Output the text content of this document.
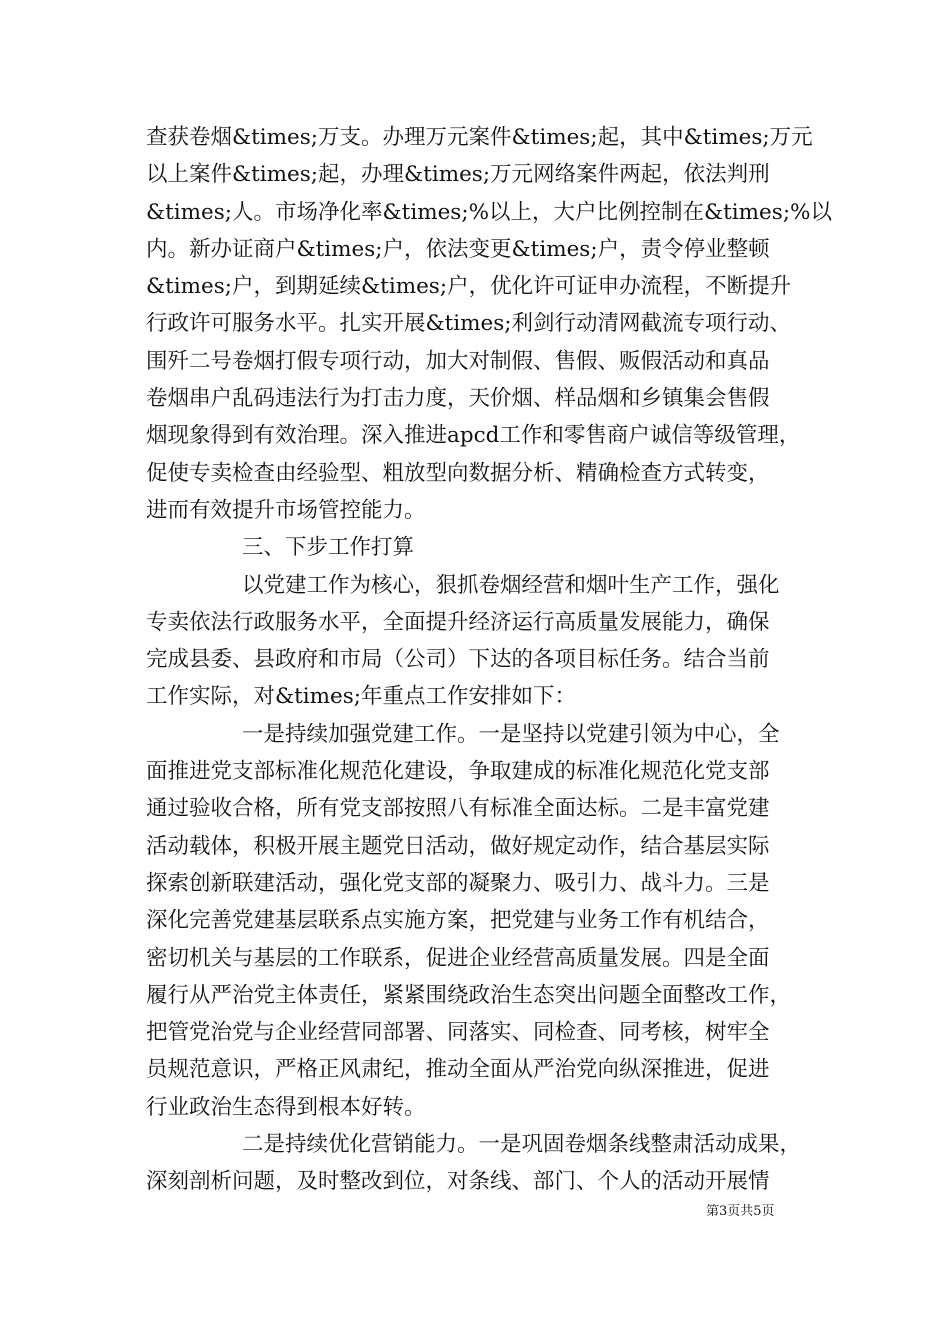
查获卷烟&times;万支。办理万元案件&times;起，其中&times;万元
以上案件&times;起，办理&times;万元网络案件两起，依法判刑
&times;人。市场净化率&times;%以上，大户比例控制在&times;%以
内。新办证商户&times;户，依法变更&times;户，责令停业整顿
&times;户，到期延续&times;户，优化许可证申办流程，不断提升
行政许可服务水平。扎实开展&times;利剑行动清网截流专项行动、
围歼二号卷烟打假专项行动，加大对制假、售假、贩假活动和真品
卷烟串户乱码违法行为打击力度，天价烟、样品烟和乡镇集会售假
烟现象得到有效治理。深入推进apcd工作和零售商户诚信等级管理，
促使专卖检查由经验型、粗放型向数据分析、精确检查方式转变，
进而有效提升市场管控能力。
三、下步工作打算
以党建工作为核心，狠抓卷烟经营和烟叶生产工作，强化
专卖依法行政服务水平，全面提升经济运行高质量发展能力，确保
完成县委、县政府和市局（公司）下达的各项目标任务。结合当前
工作实际，对&times;年重点工作安排如下：
一是持续加强党建工作。一是坚持以党建引领为中心，全
面推进党支部标准化规范化建设，争取建成的标准化规范化党支部
通过验收合格，所有党支部按照八有标准全面达标。二是丰富党建
活动载体，积极开展主题党日活动，做好规定动作，结合基层实际
探索创新联建活动，强化党支部的凝聚力、吸引力、战斗力。三是
深化完善党建基层联系点实施方案，把党建与业务工作有机结合，
密切机关与基层的工作联系，促进企业经营高质量发展。四是全面
履行从严治党主体责任，紧紧围绕政治生态突出问题全面整改工作，
把管党治党与企业经营同部署、同落实、同检查、同考核，树牢全
员规范意识，严格正风肃纪，推动全面从严治党向纵深推进，促进
行业政治生态得到根本好转。
二是持续优化营销能力。一是巩固卷烟条线整肃活动成果，
深刻剖析问题，及时整改到位，对条线、部门、个人的活动开展情
第3页共5页
